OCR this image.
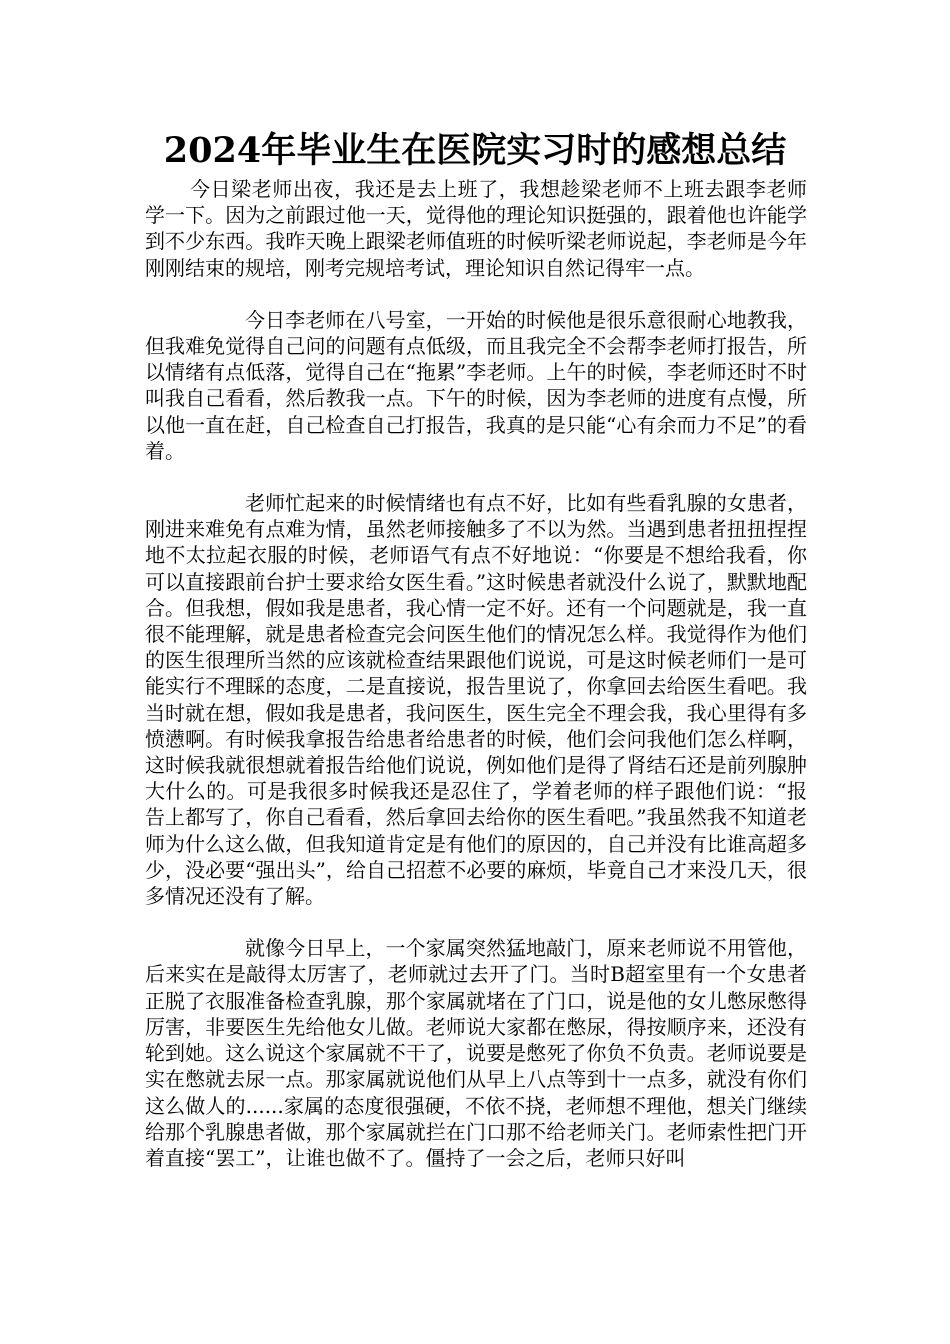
2024年毕业生在医院实习时的感想总结

今日梁老师出夜，我还是去上班了，我想趁梁老师不上班去跟李老师学一下。因为之前跟过他一天，觉得他的理论知识挺强的，跟着他也许能学到不少东西。我昨天晚上跟梁老师值班的时候听梁老师说起，李老师是今年刚刚结束的规培，刚考完规培考试，理论知识自然记得牢一点。

今日李老师在八号室，一开始的时候他是很乐意很耐心地教我，但我难免觉得自己问的问题有点低级，而且我完全不会帮李老师打报告，所以情绪有点低落，觉得自己在“拖累”李老师。上午的时候，李老师还时不时叫我自己看看，然后教我一点。下午的时候，因为李老师的进度有点慢，所以他一直在赶，自己检查自己打报告，我真的是只能“心有余而力不足”的看着。

老师忙起来的时候情绪也有点不好，比如有些看乳腺的女患者，刚进来难免有点难为情，虽然老师接触多了不以为然。当遇到患者扭扭捏捏地不太拉起衣服的时候，老师语气有点不好地说：“你要是不想给我看，你可以直接跟前台护士要求给女医生看。”这时候患者就没什么说了，默默地配合。但我想，假如我是患者，我心情一定不好。还有一个问题就是，我一直很不能理解，就是患者检查完会问医生他们的情况怎么样。我觉得作为他们的医生很理所当然的应该就检查结果跟他们说说，可是这时候老师们一是可能实行不理睬的态度，二是直接说，报告里说了，你拿回去给医生看吧。我当时就在想，假如我是患者，我问医生，医生完全不理会我，我心里得有多愤懑啊。有时候我拿报告给患者给患者的时候，他们会问我他们怎么样啊，这时候我就很想就着报告给他们说说，例如他们是得了肾结石还是前列腺肿大什么的。可是我很多时候我还是忍住了，学着老师的样子跟他们说：“报告上都写了，你自己看看，然后拿回去给你的医生看吧。”我虽然我不知道老师为什么这么做，但我知道肯定是有他们的原因的，自己并没有比谁高超多少，没必要“强出头”，给自己招惹不必要的麻烦，毕竟自己才来没几天，很多情况还没有了解。

就像今日早上，一个家属突然猛地敲门，原来老师说不用管他，后来实在是敲得太厉害了，老师就过去开了门。当时B超室里有一个女患者正脱了衣服准备检查乳腺，那个家属就堵在了门口，说是他的女儿憋尿憋得厉害，非要医生先给他女儿做。老师说大家都在憋尿，得按顺序来，还没有轮到她。这么说这个家属就不干了，说要是憋死了你负不负责。老师说要是实在憋就去尿一点。那家属就说他们从早上八点等到十一点多，就没有你们这么做人的......家属的态度很强硬，不依不挠，老师想不理他，想关门继续给那个乳腺患者做，那个家属就拦在门口那不给老师关门。老师索性把门开着直接“罢工”，让谁也做不了。僵持了一会之后，老师只好叫
